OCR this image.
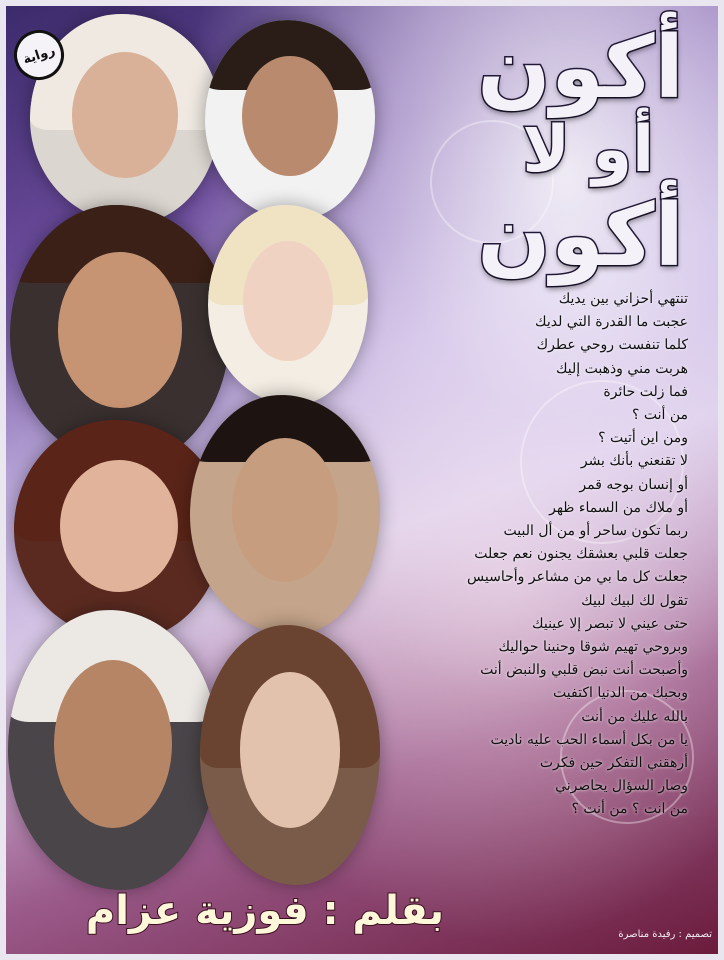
رواية	أكون
أو لا
أكون
تنتهي أحزاني بين يديك
عجبت ما القدرة التي لديك
كلما تنفست روحي عطرك
هربت مني وذهبت إليك
فما زلت حائرة
من أنت ؟
ومن اين أتيت ؟
لا تقنعني بأنك بشر
أو إنسان بوجه قمر
أو ملاك من السماء ظهر
ربما تكون ساحر أو من أل البيت
جعلت قلبي بعشقك يجنون نعم جعلت
جعلت كل ما بي من مشاعر وأحاسيس
تقول لك لبيك لبيك
حتى عيني لا تبصر إلا عينيك
وبروحي تهيم شوقا وحنينا حواليك
وأصبحت أنت نبض قلبي والنبض أنت
وبحبك من الدنيا اكتفيت
بالله عليك من أنت
يا من بكل أسماء الحب عليه ناديت
أرهقني التفكر حين فكرت
وصار السؤال يحاصرني
من انت ؟ من أنت ؟
بقلم : فوزية عزام
تصميم : رفيدة مناصرة
